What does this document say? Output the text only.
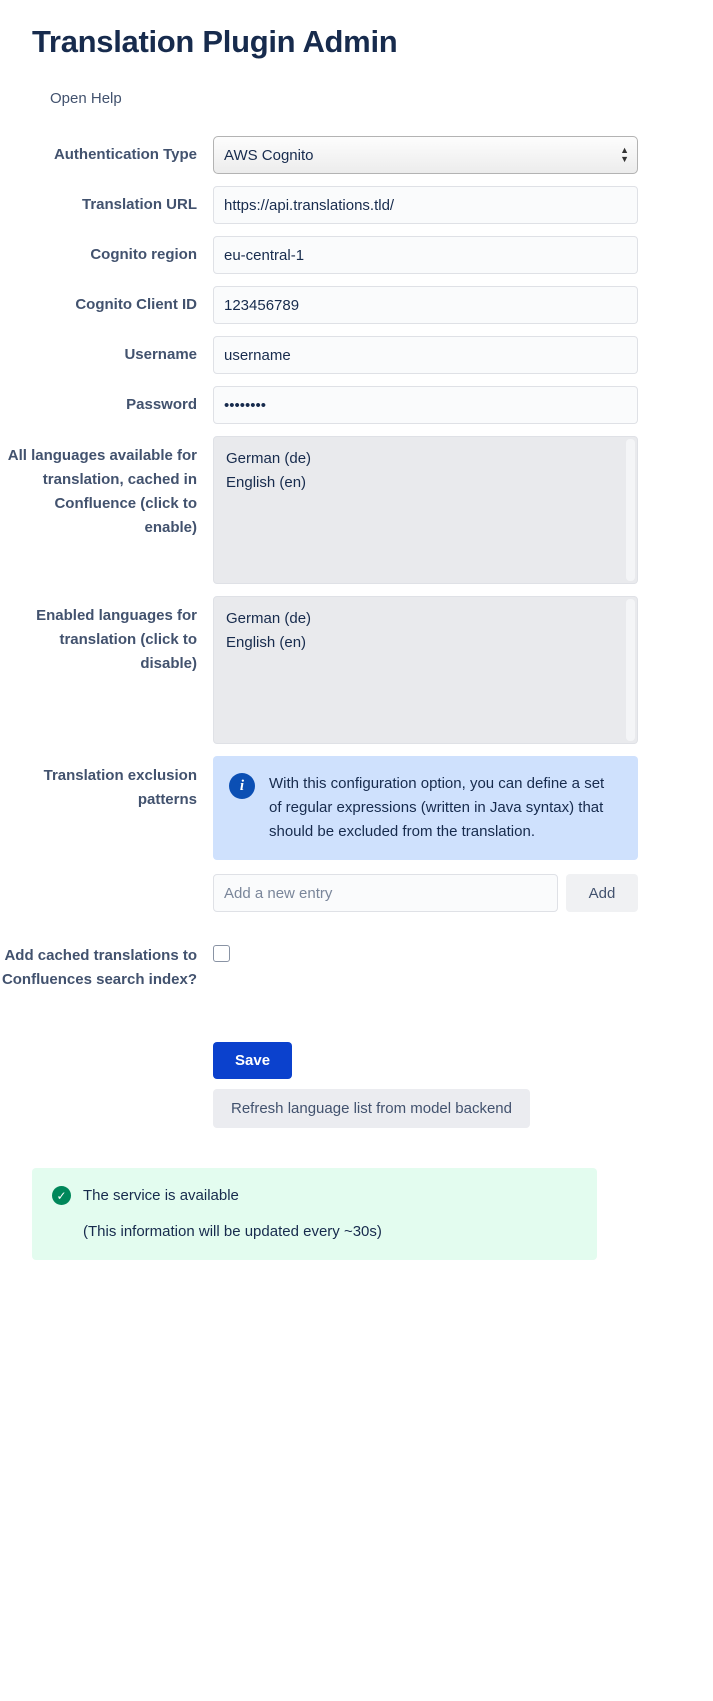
Translation Plugin Admin
Open Help
Authentication Type
AWS Cognito	▲
▼
Translation URL
https://api.translations.tld/
Cognito region
eu-central-1
Cognito Client ID
123456789
Username
username
Password
••••••••
All languages available for translation, cached in Confluence (click to enable)
German (de)
English (en)
Enabled languages for translation (click to disable)
German (de)
English (en)
Translation exclusion patterns
i	With this configuration option, you can define a set of regular expressions (written in Java syntax) that should be excluded from the translation.
Add a new entry
Add
Add cached translations to Confluences search index?
Save
Refresh language list from model backend
✓ The service is available
(This information will be updated every ~30s)
